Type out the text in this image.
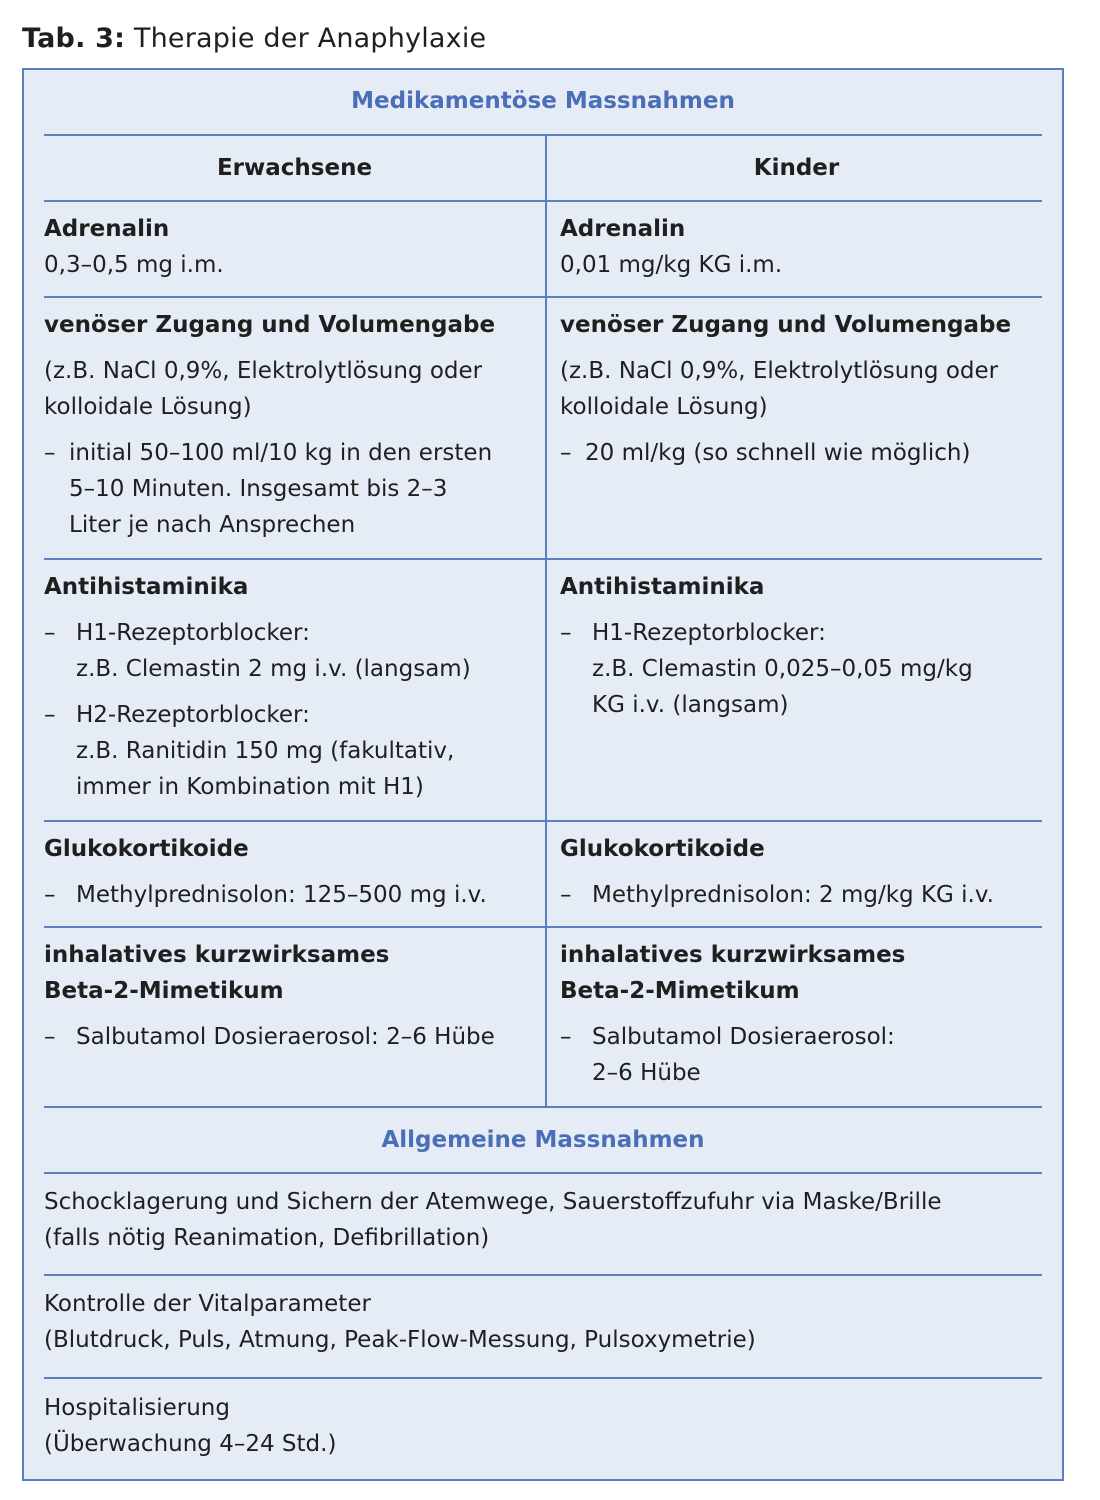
Tab. 3: Therapie der Anaphylaxie
Medikamentöse Massnahmen
Erwachsene	Kinder
Adrenalin
0,3–0,5 mg i.m.
Adrenalin
0,01 mg/kg KG i.m.
venöser Zugang und Volumengabe
(z.B. NaCl 0,9%, Elektrolytlösung oder
kolloidale Lösung)
– initial 50–100 ml/10 kg in den ersten
5–10 Minuten. Insgesamt bis 2–3
Liter je nach Ansprechen
venöser Zugang und Volumengabe
(z.B. NaCl 0,9%, Elektrolytlösung oder
kolloidale Lösung)
– 20 ml/kg (so schnell wie möglich)
Antihistaminika
– H1-Rezeptorblocker:
z.B. Clemastin 2 mg i.v. (langsam)
– H2-Rezeptorblocker:
z.B. Ranitidin 150 mg (fakultativ,
immer in Kombination mit H1)
Antihistaminika
– H1-Rezeptorblocker:
z.B. Clemastin 0,025–0,05 mg/kg
KG i.v. (langsam)
Glukokortikoide
– Methylprednisolon: 125–500 mg i.v.
Glukokortikoide
– Methylprednisolon: 2 mg/kg KG i.v.
inhalatives kurzwirksames
Beta-2-Mimetikum
– Salbutamol Dosieraerosol: 2–6 Hübe
inhalatives kurzwirksames
Beta-2-Mimetikum
– Salbutamol Dosieraerosol:
2–6 Hübe
Allgemeine Massnahmen
Schocklagerung und Sichern der Atemwege, Sauerstoffzufuhr via Maske/Brille
(falls nötig Reanimation, Defibrillation)
Kontrolle der Vitalparameter
(Blutdruck, Puls, Atmung, Peak-Flow-Messung, Pulsoxymetrie)
Hospitalisierung
(Überwachung 4–24 Std.)
